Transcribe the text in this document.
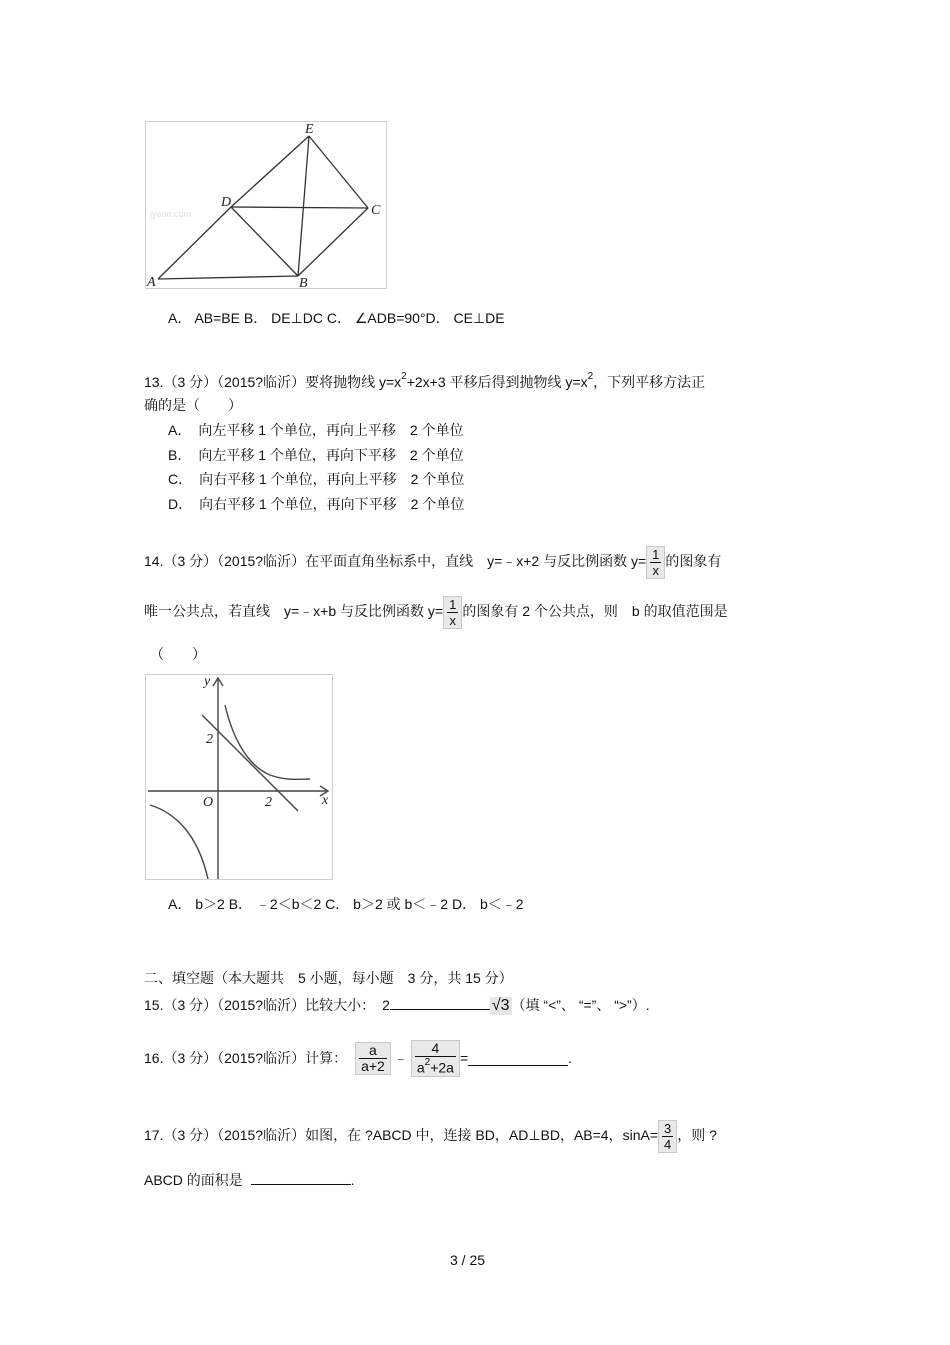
E
D
C
A	B
jyeoo.com
A． AB=BE B． DE⊥DC C． ∠ADB=90°D． CE⊥DE
13.（3 分）（2015?临沂）要将抛物线 $y=x^2+2x+3$ 平移后得到抛物线 $y=x^2$，下列平移方法正
确的是（　　）
A．　向左平移 1 个单位，再向上平移　2 个单位
B．　向左平移 1 个单位，再向下平移　2 个单位
C．　向右平移 1 个单位，再向上平移　2 个单位
D．　向右平移 1 个单位，再向下平移　2 个单位
14.（3 分）（2015?临沂）在平面直角坐标系中，直线　y=﹣x+2 与反比例函数 $y= \frac{1}{x}$ 的图象有
唯一公共点，若直线　y=﹣x+b 与反比例函数 $y= \frac{1}{x}$ 的图象有 2 个公共点，则　b 的取值范围是
（　　）
y
x
O
2
2
A． b＞2 B． ﹣2＜b＜2 C． b＞2 或 b＜﹣2 D． b＜﹣2
二、填空题（本大题共　5 小题，每小题　3 分，共 15 分）
15.（3 分）（2015?临沂）比较大小：　2	√3 （填 “<”、 “=”、 “>”）.
16.（3 分）（2015?临沂）计算： $\frac{a}{a+2}$ ﹣ $\frac{4}{a^2+2a}$ =	.
17.（3 分）（2015?临沂）如图，在 ?ABCD 中，连接 BD，AD⊥BD，AB=4，$\sin A= \frac{3}{4}$ ，则 ?
ABCD 的面积是	.
3 / 25
